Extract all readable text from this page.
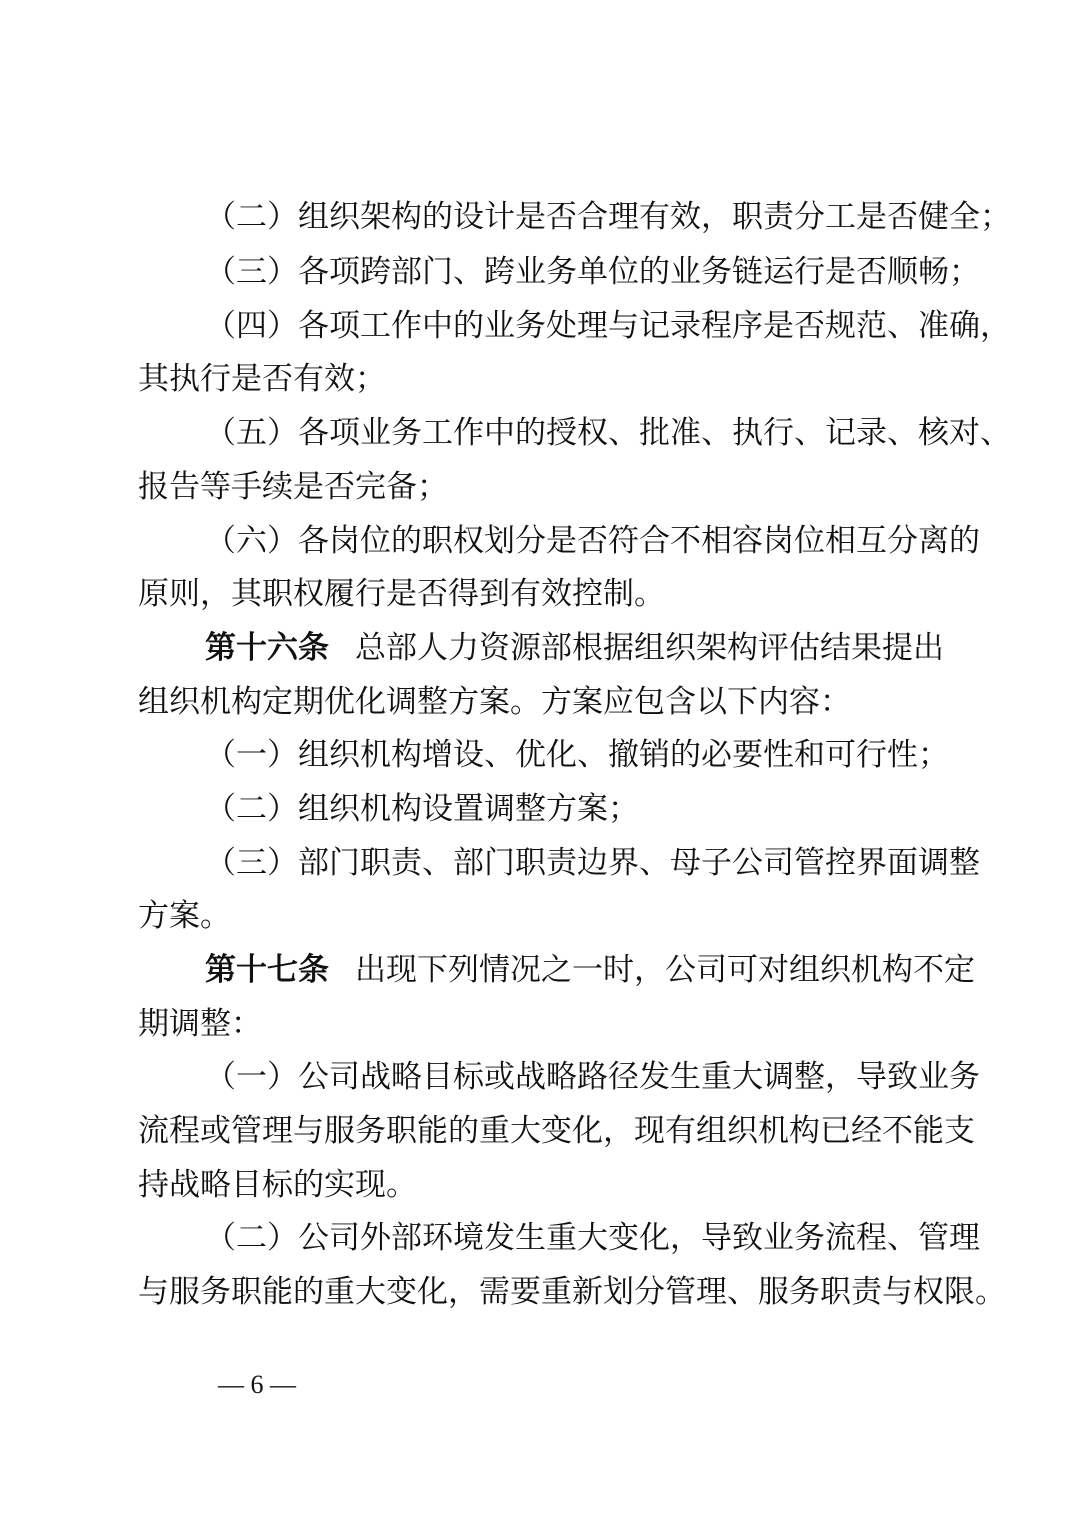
（二）组织架构的设计是否合理有效，职责分工是否健全；
（三）各项跨部门、跨业务单位的业务链运行是否顺畅；
（四）各项工作中的业务处理与记录程序是否规范、准确，
其执行是否有效；
（五）各项业务工作中的授权、批准、执行、记录、核对、
报告等手续是否完备；
（六）各岗位的职权划分是否符合不相容岗位相互分离的
原则，其职权履行是否得到有效控制。
第十六条 总部人力资源部根据组织架构评估结果提出
组织机构定期优化调整方案。方案应包含以下内容：
（一）组织机构增设、优化、撤销的必要性和可行性；
（二）组织机构设置调整方案；
（三）部门职责、部门职责边界、母子公司管控界面调整
方案。
第十七条 出现下列情况之一时，公司可对组织机构不定
期调整：
（一）公司战略目标或战略路径发生重大调整，导致业务
流程或管理与服务职能的重大变化，现有组织机构已经不能支
持战略目标的实现。
（二）公司外部环境发生重大变化，导致业务流程、管理
与服务职能的重大变化，需要重新划分管理、服务职责与权限。
— 6 —
